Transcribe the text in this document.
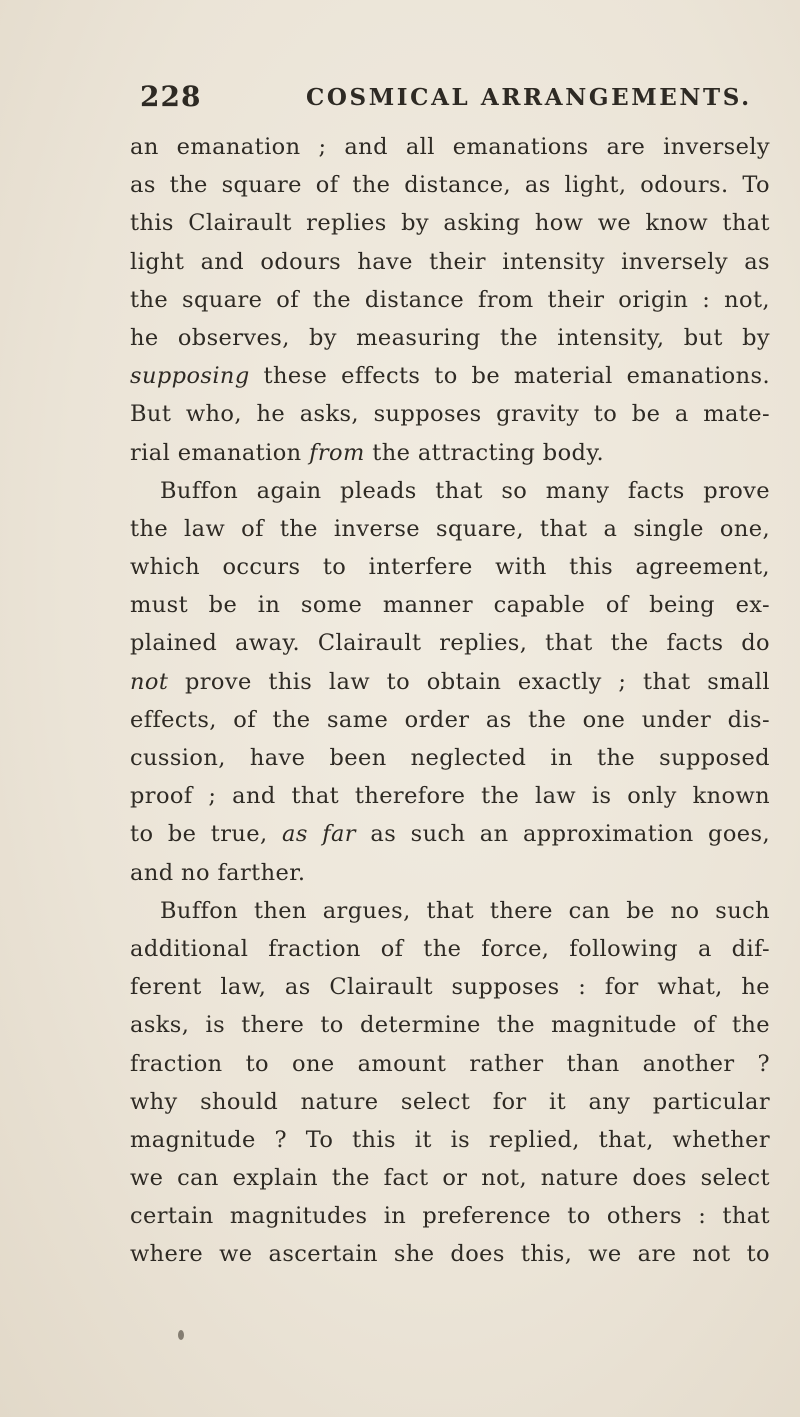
228	COSMICAL ARRANGEMENTS.
an emanation ; and all emanations are inversely
as the square of the distance, as light, odours. To
this Clairault replies by asking how we know that
light and odours have their intensity inversely as
the square of the distance from their origin : not,
he observes, by measuring the intensity, but by
supposing these effects to be material emanations.
But who, he asks, supposes gravity to be a mate-
rial emanation from the attracting body.
Buffon again pleads that so many facts prove
the law of the inverse square, that a single one,
which occurs to interfere with this agreement,
must be in some manner capable of being ex-
plained away. Clairault replies, that the facts do
not prove this law to obtain exactly ; that small
effects, of the same order as the one under dis-
cussion, have been neglected in the supposed
proof ; and that therefore the law is only known
to be true, as far as such an approximation goes,
and no farther.
Buffon then argues, that there can be no such
additional fraction of the force, following a dif-
ferent law, as Clairault supposes : for what, he
asks, is there to determine the magnitude of the
fraction to one amount rather than another ?
why should nature select for it any particular
magnitude ? To this it is replied, that, whether
we can explain the fact or not, nature does select
certain magnitudes in preference to others : that
where we ascertain she does this, we are not to
